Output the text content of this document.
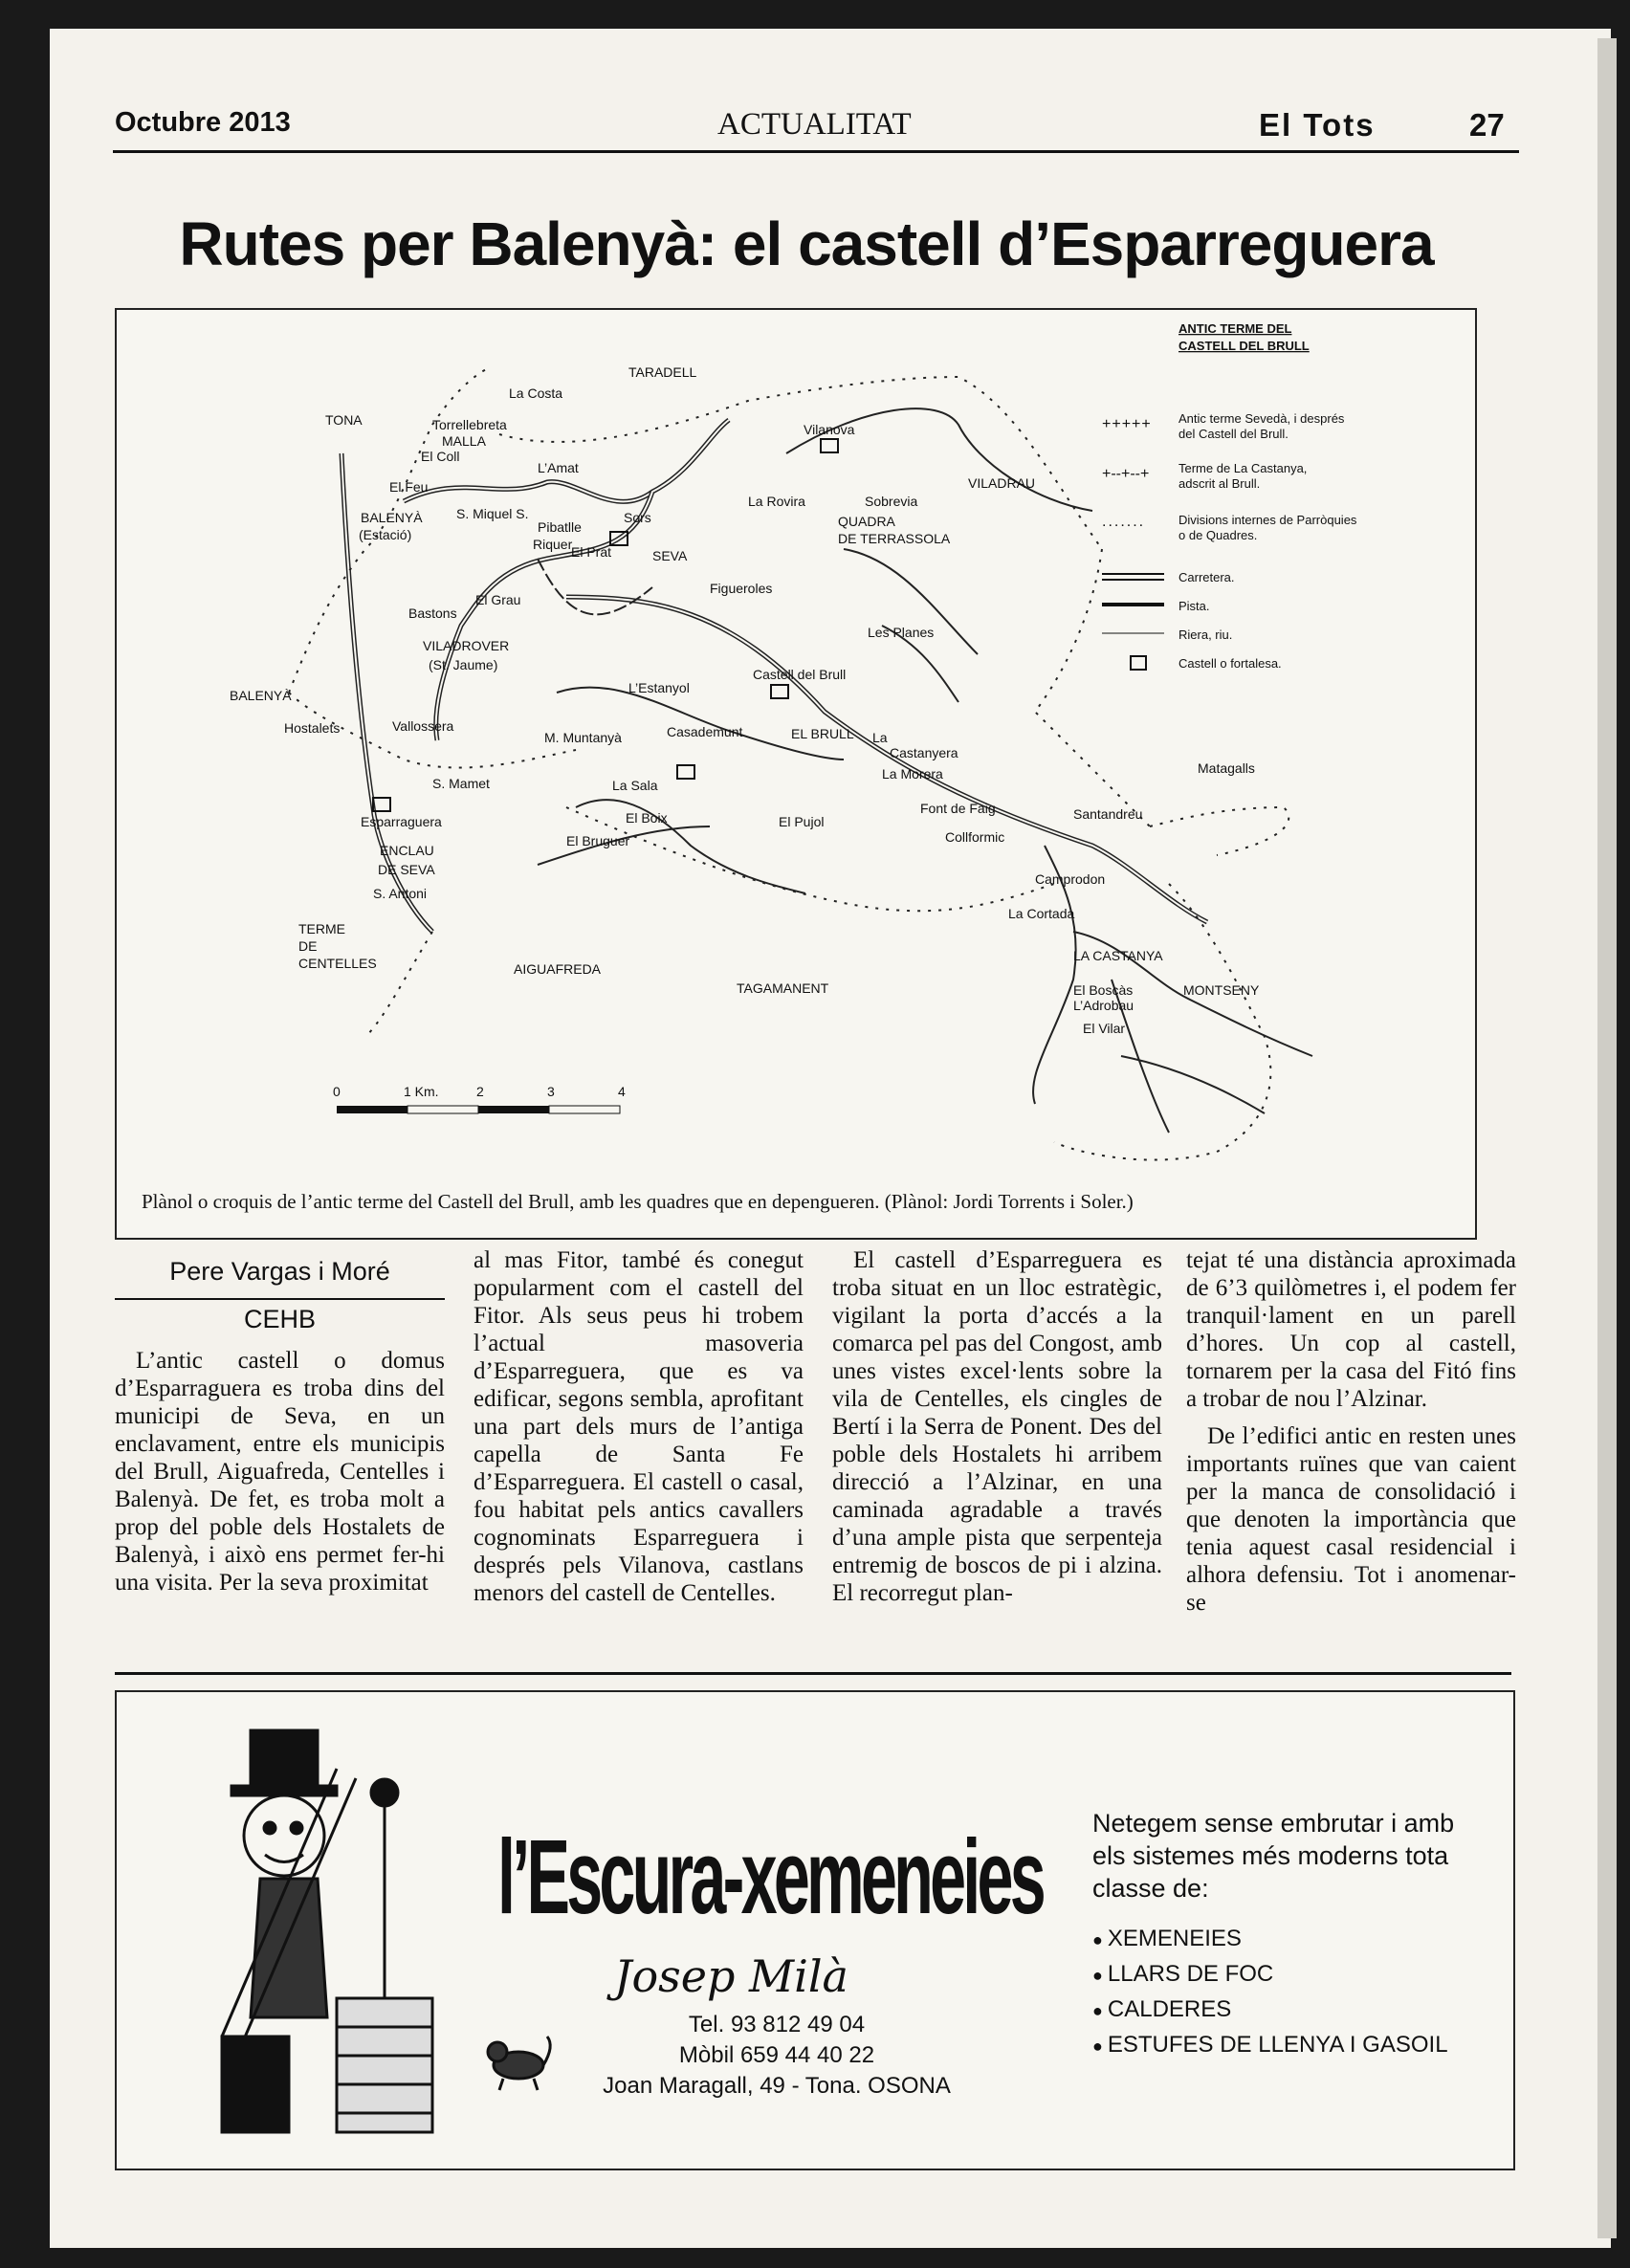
Octubre 2013	ACTUALITAT	El Tots	27
Rutes per Balenyà: el castell d’Esparreguera
TARADELL
La Costa
TONA	Torrellebreta
MALLA
El Coll
L’Amat
El Feu
Vilanova
VILADRAU
BALENYÀ
(Estació)
S. Miquel S.
Pibatlle
Sors
Riquer
El Prat	SEVA
La Rovira	Sobrevia
QUADRA
DE TERRASSOLA
Figueroles
El Grau
Bastons
VILADROVER
(St. Jaume)
Les Planes
Castell del Brull
L’Estanyol
BALENYÀ
Hostalets	Vallossera
M. Muntanyà	Casademunt	EL BRULL La
Castanyera
La Morera
S. Mamet	La Sala
Matagalls
Font de Faig	Santandreu
Esparraguera	El Boix	El Pujol
El Bruguer	Collformic
ENCLAU
DE SEVA
S. Antoni
Camprodon
La Cortada
TERME
DE
CENTELLES	AIGUAFREDA
TAGAMANENT
LA CASTANYA
El Boscàs
L’Adrobau
MONTSENY
El Vilar
ANTIC TERME DEL
CASTELL DEL BRULL
+++++ Antic terme Sevedà, i després
del Castell del Brull.
+--+--+ Terme de La Castanya,
adscrit al Brull.
.......	Divisions internes de Parròquies
o de Quadres.
Carretera.
Pista.
Riera, riu.
Castell o fortalesa.
0	1 Km.	2	3	4
Plànol o croquis de l’antic terme del Castell del Brull, amb les quadres que en depengueren. (Plànol: Jordi Torrents i Soler.)
Pere Vargas i Moré
CEHB

L’antic castell o domus d’Esparraguera es troba dins del municipi de Seva, en un enclavament, entre els municipis del Brull, Aiguafreda, Centelles i Balenyà. De fet, es troba molt a prop del poble dels Hostalets de Balenyà, i això ens permet fer-hi una visita. Per la seva proximitat

al mas Fitor, també és conegut popularment com el castell del Fitor. Als seus peus hi trobem l’actual masoveria d’Esparreguera, que es va edificar, segons sembla, aprofitant una part dels murs de l’antiga capella de Santa Fe d’Esparreguera. El castell o casal, fou habitat pels antics cavallers cognominats Esparreguera i després pels Vilanova, castlans menors del castell de Centelles.

El castell d’Esparreguera es troba situat en un lloc estratègic, vigilant la porta d’accés a la comarca pel pas del Congost, amb unes vistes excel·lents sobre la vila de Centelles, els cingles de Bertí i la Serra de Ponent. Des del poble dels Hostalets hi arribem direcció a l’Alzinar, en una caminada agradable a través d’una ample pista que serpenteja entremig de boscos de pi i alzina. El recorregut plan-

tejat té una distància aproximada de 6’3 quilòmetres i, el podem fer tranquil·lament en un parell d’hores. Un cop al castell, tornarem per la casa del Fitó fins a trobar de nou l’Alzinar.

De l’edifici antic en resten unes importants ruïnes que van caient per la manca de consolidació i que denoten la importància que tenia aquest casal residencial i alhora defensiu. Tot i anomenar-se

l’Escura-xemeneies
Josep Milà
Tel. 93 812 49 04
Mòbil 659 44 40 22
Joan Maragall, 49 - Tona. OSONA
Netegem sense embrutar i amb els sistemes més moderns tota classe de:
● XEMENEIES
● LLARS DE FOC
● CALDERES
● ESTUFES DE LLENYA I GASOIL
